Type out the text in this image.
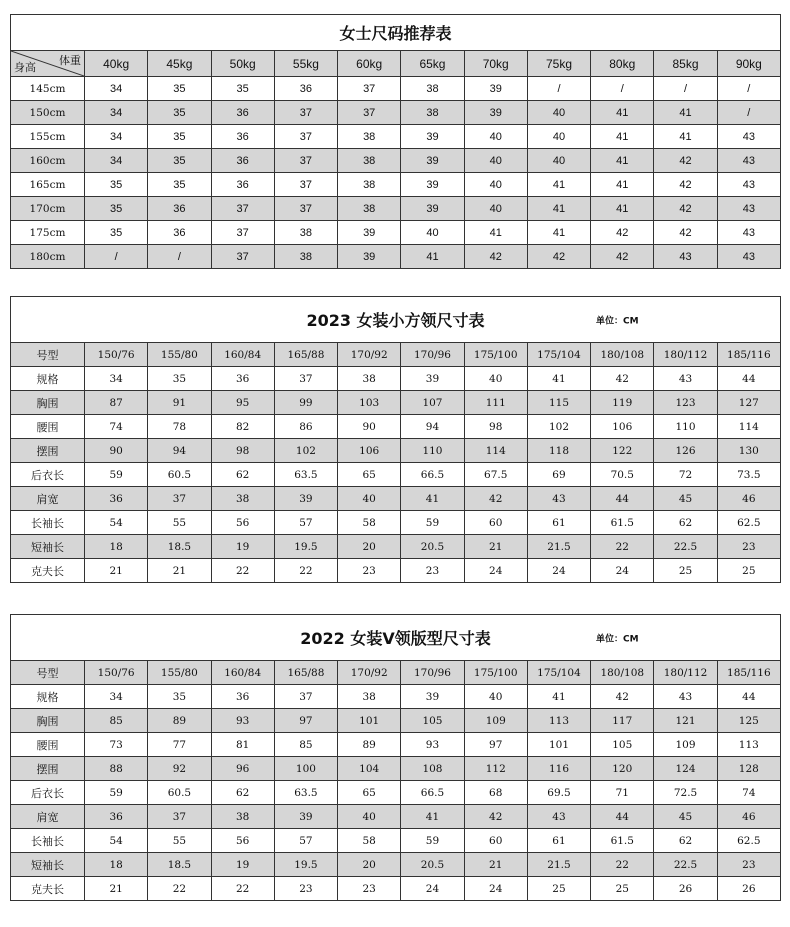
女士尺码推荐表											

体重
身高	40kg	45kg	50kg	55kg	60kg	65kg	70kg	75kg	80kg	85kg	90kg
145cm	34	35	35	36	37	38	39	/	/	/	/
150cm	34	35	36	37	37	38	39	40	41	41	/
155cm	34	35	36	37	38	39	40	40	41	41	43
160cm	34	35	36	37	38	39	40	40	41	42	43
165cm	35	35	36	37	38	39	40	41	41	42	43
170cm	35	36	37	37	38	39	40	41	41	42	43
175cm	35	36	37	38	39	40	41	41	42	42	43
180cm	/	/	37	38	39	41	42	42	42	43	43
2023 女装小方领尺寸表 单位：CM											

号型	150/76	155/80	160/84	165/88	170/92	170/96	175/100	175/104	180/108	180/112	185/116
规格	34	35	36	37	38	39	40	41	42	43	44
胸围	87	91	95	99	103	107	111	115	119	123	127
腰围	74	78	82	86	90	94	98	102	106	110	114
摆围	90	94	98	102	106	110	114	118	122	126	130
后衣长	59	60.5	62	63.5	65	66.5	67.5	69	70.5	72	73.5
肩宽	36	37	38	39	40	41	42	43	44	45	46
长袖长	54	55	56	57	58	59	60	61	61.5	62	62.5
短袖长	18	18.5	19	19.5	20	20.5	21	21.5	22	22.5	23
克夫长	21	21	22	22	23	23	24	24	24	25	25
2022 女装V领版型尺寸表 单位：CM											

号型	150/76	155/80	160/84	165/88	170/92	170/96	175/100	175/104	180/108	180/112	185/116
规格	34	35	36	37	38	39	40	41	42	43	44
胸围	85	89	93	97	101	105	109	113	117	121	125
腰围	73	77	81	85	89	93	97	101	105	109	113
摆围	88	92	96	100	104	108	112	116	120	124	128
后衣长	59	60.5	62	63.5	65	66.5	68	69.5	71	72.5	74
肩宽	36	37	38	39	40	41	42	43	44	45	46
长袖长	54	55	56	57	58	59	60	61	61.5	62	62.5
短袖长	18	18.5	19	19.5	20	20.5	21	21.5	22	22.5	23
克夫长	21	22	22	23	23	24	24	25	25	26	26
